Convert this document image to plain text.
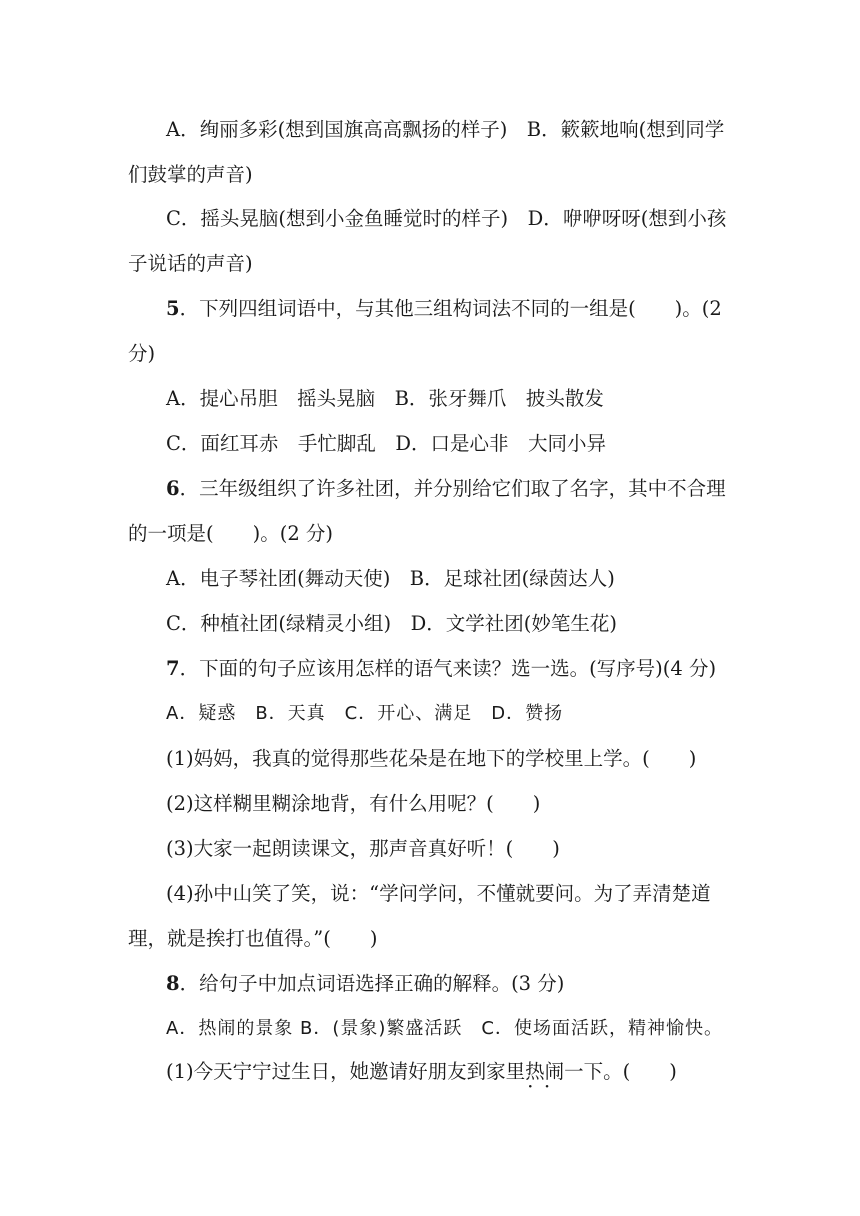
A．绚丽多彩(想到国旗高高飘扬的样子)　B．簌簌地响(想到同学
们鼓掌的声音)
C．摇头晃脑(想到小金鱼睡觉时的样子)　D．咿咿呀呀(想到小孩
子说话的声音)
5．下列四组词语中，与其他三组构词法不同的一组是(　　)。(2
分)
A．提心吊胆　摇头晃脑　B．张牙舞爪　披头散发
C．面红耳赤　手忙脚乱　D．口是心非　大同小异
6．三年级组织了许多社团，并分别给它们取了名字，其中不合理
的一项是(　　)。(2 分)
A．电子琴社团(舞动天使)　B．足球社团(绿茵达人)
C．种植社团(绿精灵小组)　D．文学社团(妙笔生花)
7．下面的句子应该用怎样的语气来读？选一选。(写序号)(4 分)
A．疑惑　B．天真　C．开心、满足　D．赞扬
(1)妈妈，我真的觉得那些花朵是在地下的学校里上学。(　　)
(2)这样糊里糊涂地背，有什么用呢？(　　)
(3)大家一起朗读课文，那声音真好听！(　　)
(4)孙中山笑了笑，说：“学问学问，不懂就要问。为了弄清楚道
理，就是挨打也值得。”(　　)
8．给句子中加点词语选择正确的解释。(3 分)
A．热闹的景象 B．(景象)繁盛活跃　C．使场面活跃，精神愉快。
(1)今天宁宁过生日，她邀请好朋友到家里热闹 · ·一下。(　　)
